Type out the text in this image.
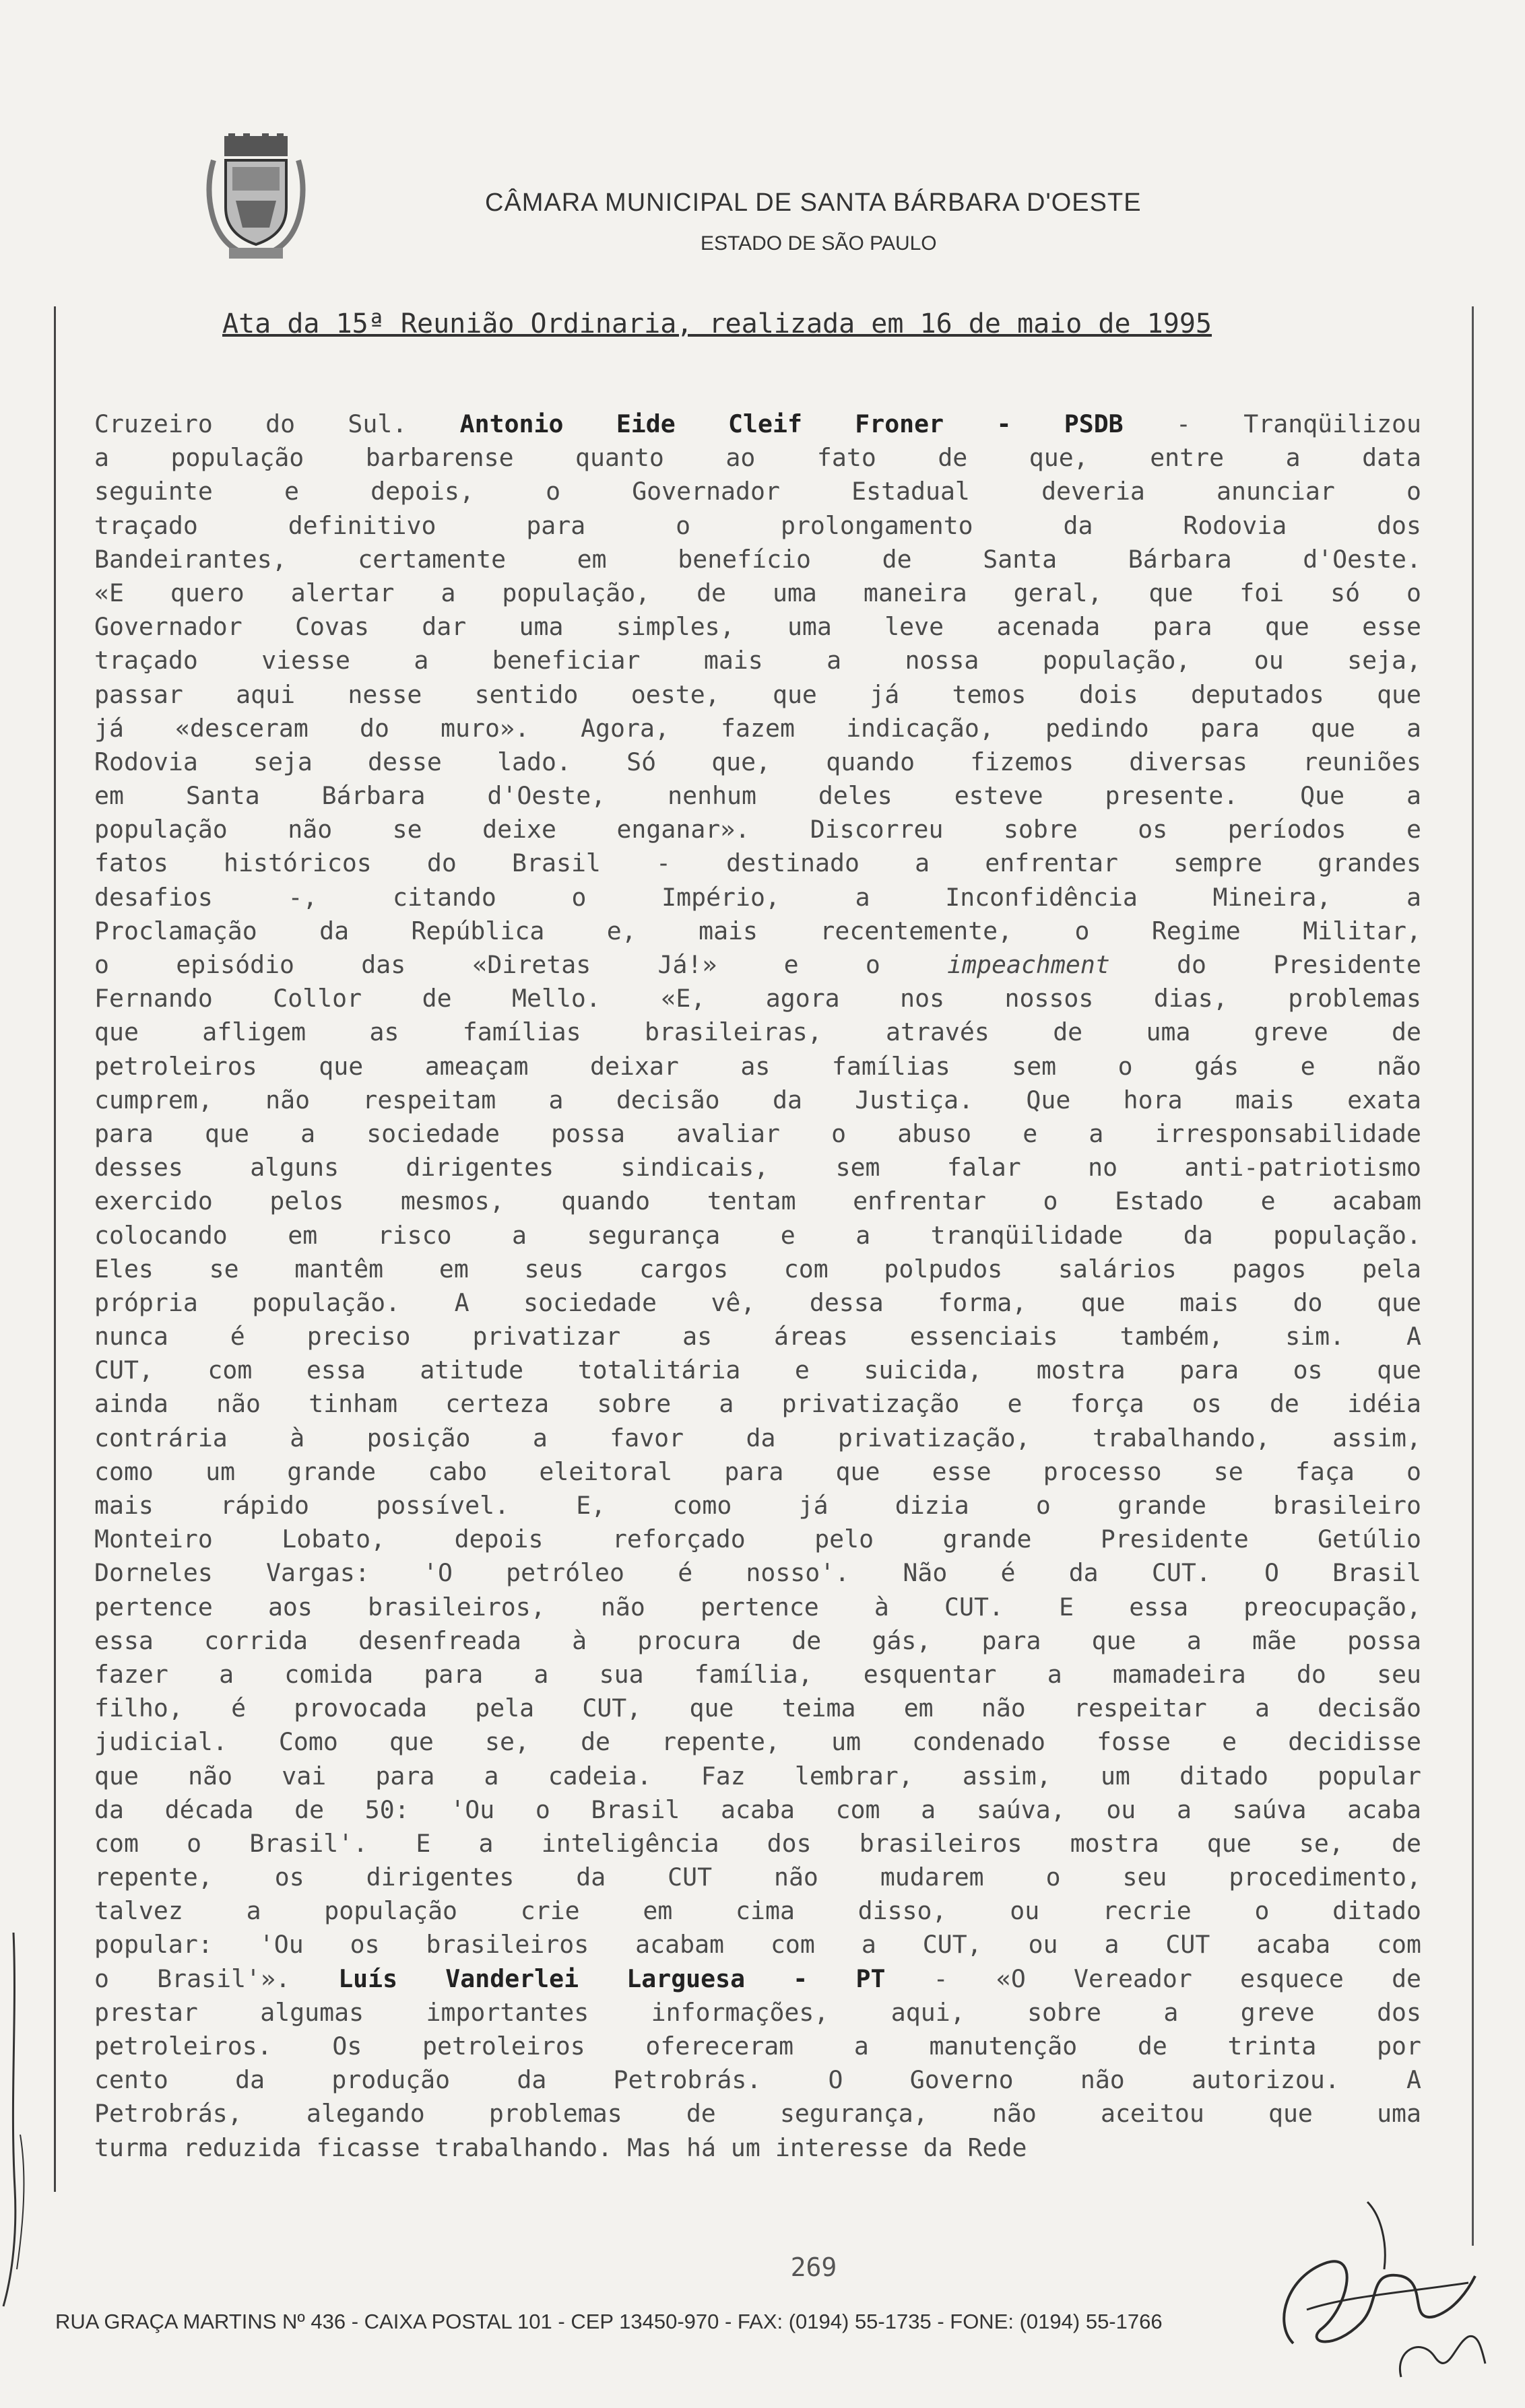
CÂMARA MUNICIPAL DE SANTA BÁRBARA D'OESTE
ESTADO DE SÃO PAULO
Ata da 15ª Reunião Ordinaria, realizada em 16 de maio de 1995
Cruzeiro do Sul. Antonio Eide Cleif Froner - PSDB - Tranqüilizou
a população barbarense quanto ao fato de que, entre a data
seguinte e depois, o Governador Estadual deveria anunciar o
traçado definitivo para o prolongamento da Rodovia dos
Bandeirantes, certamente em benefício de Santa Bárbara d'Oeste.
«E quero alertar a população, de uma maneira geral, que foi só o
Governador Covas dar uma simples, uma leve acenada para que esse
traçado viesse a beneficiar mais a nossa população, ou seja,
passar aqui nesse sentido oeste, que já temos dois deputados que
já «desceram do muro». Agora, fazem indicação, pedindo para que a
Rodovia seja desse lado. Só que, quando fizemos diversas reuniões
em Santa Bárbara d'Oeste, nenhum deles esteve presente. Que a
população não se deixe enganar». Discorreu sobre os períodos e
fatos históricos do Brasil - destinado a enfrentar sempre grandes
desafios -, citando o Império, a Inconfidência Mineira, a
Proclamação da República e, mais recentemente, o Regime Militar,
o episódio das «Diretas Já!» e o impeachment do Presidente
Fernando Collor de Mello. «E, agora nos nossos dias, problemas
que afligem as famílias brasileiras, através de uma greve de
petroleiros que ameaçam deixar as famílias sem o gás e não
cumprem, não respeitam a decisão da Justiça. Que hora mais exata
para que a sociedade possa avaliar o abuso e a irresponsabilidade
desses alguns dirigentes sindicais, sem falar no anti-patriotismo
exercido pelos mesmos, quando tentam enfrentar o Estado e acabam
colocando em risco a segurança e a tranqüilidade da população.
Eles se mantêm em seus cargos com polpudos salários pagos pela
própria população. A sociedade vê, dessa forma, que mais do que
nunca é preciso privatizar as áreas essenciais também, sim. A
CUT, com essa atitude totalitária e suicida, mostra para os que
ainda não tinham certeza sobre a privatização e força os de idéia
contrária à posição a favor da privatização, trabalhando, assim,
como um grande cabo eleitoral para que esse processo se faça o
mais rápido possível. E, como já dizia o grande brasileiro
Monteiro Lobato, depois reforçado pelo grande Presidente Getúlio
Dorneles Vargas: 'O petróleo é nosso'. Não é da CUT. O Brasil
pertence aos brasileiros, não pertence à CUT. E essa preocupação,
essa corrida desenfreada à procura de gás, para que a mãe possa
fazer a comida para a sua família, esquentar a mamadeira do seu
filho, é provocada pela CUT, que teima em não respeitar a decisão
judicial. Como que se, de repente, um condenado fosse e decidisse
que não vai para a cadeia. Faz lembrar, assim, um ditado popular
da década de 50: 'Ou o Brasil acaba com a saúva, ou a saúva acaba
com o Brasil'. E a inteligência dos brasileiros mostra que se, de
repente, os dirigentes da CUT não mudarem o seu procedimento,
talvez a população crie em cima disso, ou recrie o ditado
popular: 'Ou os brasileiros acabam com a CUT, ou a CUT acaba com
o Brasil'». Luís Vanderlei Larguesa - PT - «O Vereador esquece de
prestar algumas importantes informações, aqui, sobre a greve dos
petroleiros. Os petroleiros ofereceram a manutenção de trinta por
cento da produção da Petrobrás. O Governo não autorizou. A
Petrobrás, alegando problemas de segurança, não aceitou que uma
turma reduzida ficasse trabalhando. Mas há um interesse da Rede
269
RUA GRAÇA MARTINS Nº 436 - CAIXA POSTAL 101 - CEP 13450-970 - FAX: (0194) 55-1735 - FONE: (0194) 55-1766
